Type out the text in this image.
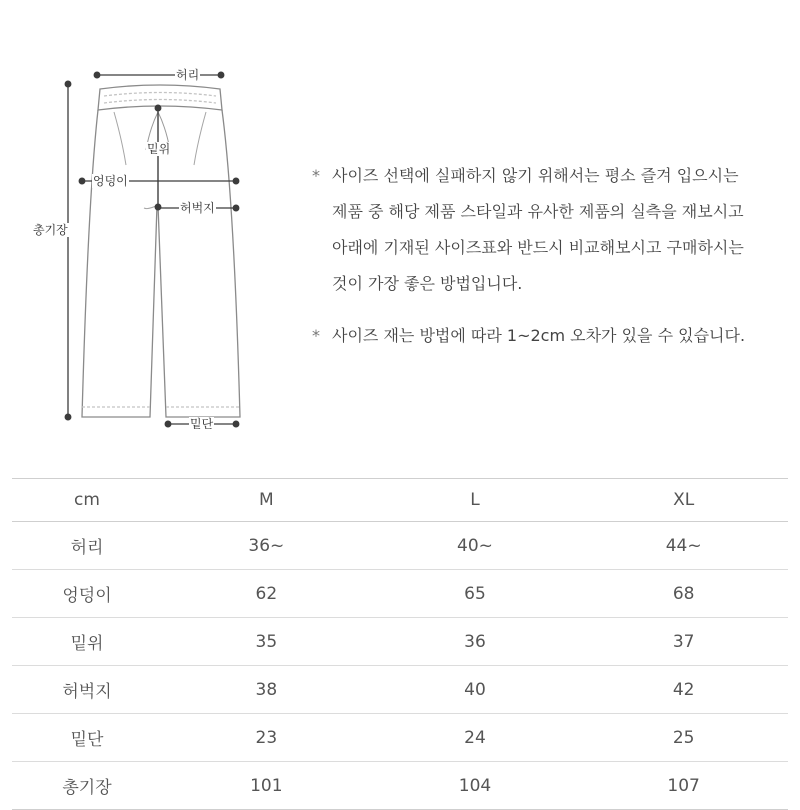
허리
밑위
엉덩이
허벅지
총기장
밑단
* 사이즈 선택에 실패하지 않기 위해서는 평소 즐겨 입으시는
제품 중 해당 제품 스타일과 유사한 제품의 실측을 재보시고
아래에 기재된 사이즈표와 반드시 비교해보시고 구매하시는
것이 가장 좋은 방법입니다.
* 사이즈 재는 방법에 따라 1~2cm 오차가 있을 수 있습니다.
cm	M	L	XL
허리	36~	40~	44~
엉덩이	62	65	68
밑위	35	36	37
허벅지	38	40	42
밑단	23	24	25
총기장	101	104	107
